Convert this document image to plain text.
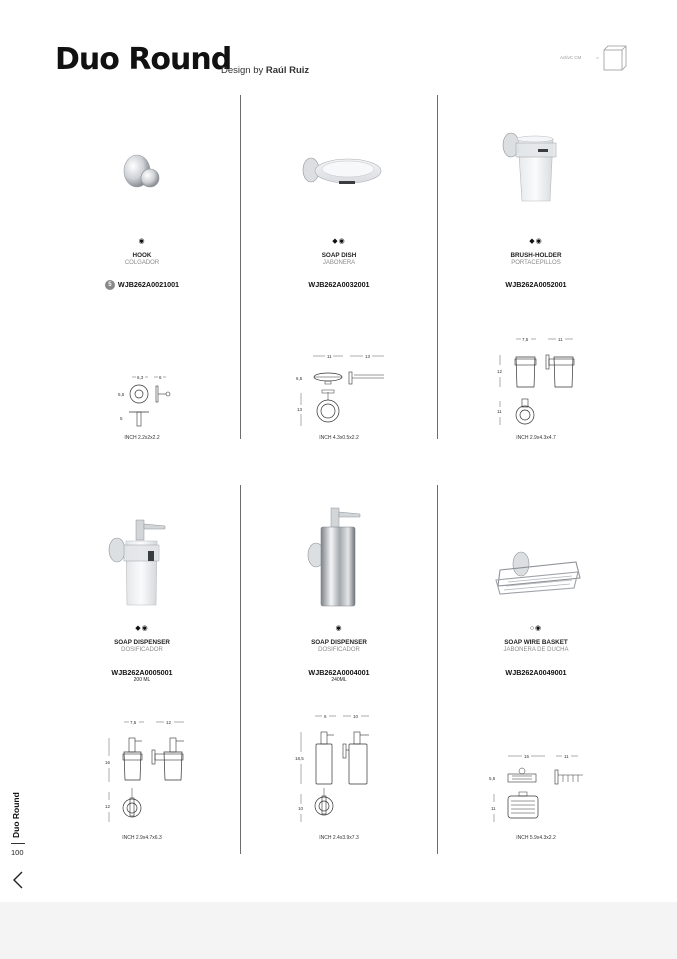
Duo Round
Design by Raúl Ruiz
ActivC CM
◉
HOOK
COLGADOR
5 WJB262A0021001
6,3	6
5,5
5
INCH 2.2x2x2.2
◆◉
SOAP DISH
JABONERA
WJB262A0032001
11	13
6,5
13
INCH 4.3x0.5x2.2
◆◉
BRUSH-HOLDER
PORTACEPILLOS
WJB262A0052001
7,5	11
12
11
INCH 2.9x4.3x4.7
◆◉
SOAP DISPENSER
DOSIFICADOR
WJB262A0005001
200 ML
7,5	12
16
12
INCH 2.9x4.7x6.3
◉
SOAP DISPENSER
DOSIFICADOR
WJB262A0004001
240ML
6	10
18,5
10
INCH 2.4x3.9x7.3
○◉
SOAP WIRE BASKET
JABONERA DE DUCHA
WJB262A0049001
15	11
5,5
11
INCH 5.9x4.3x2.2
Duo Round
100
